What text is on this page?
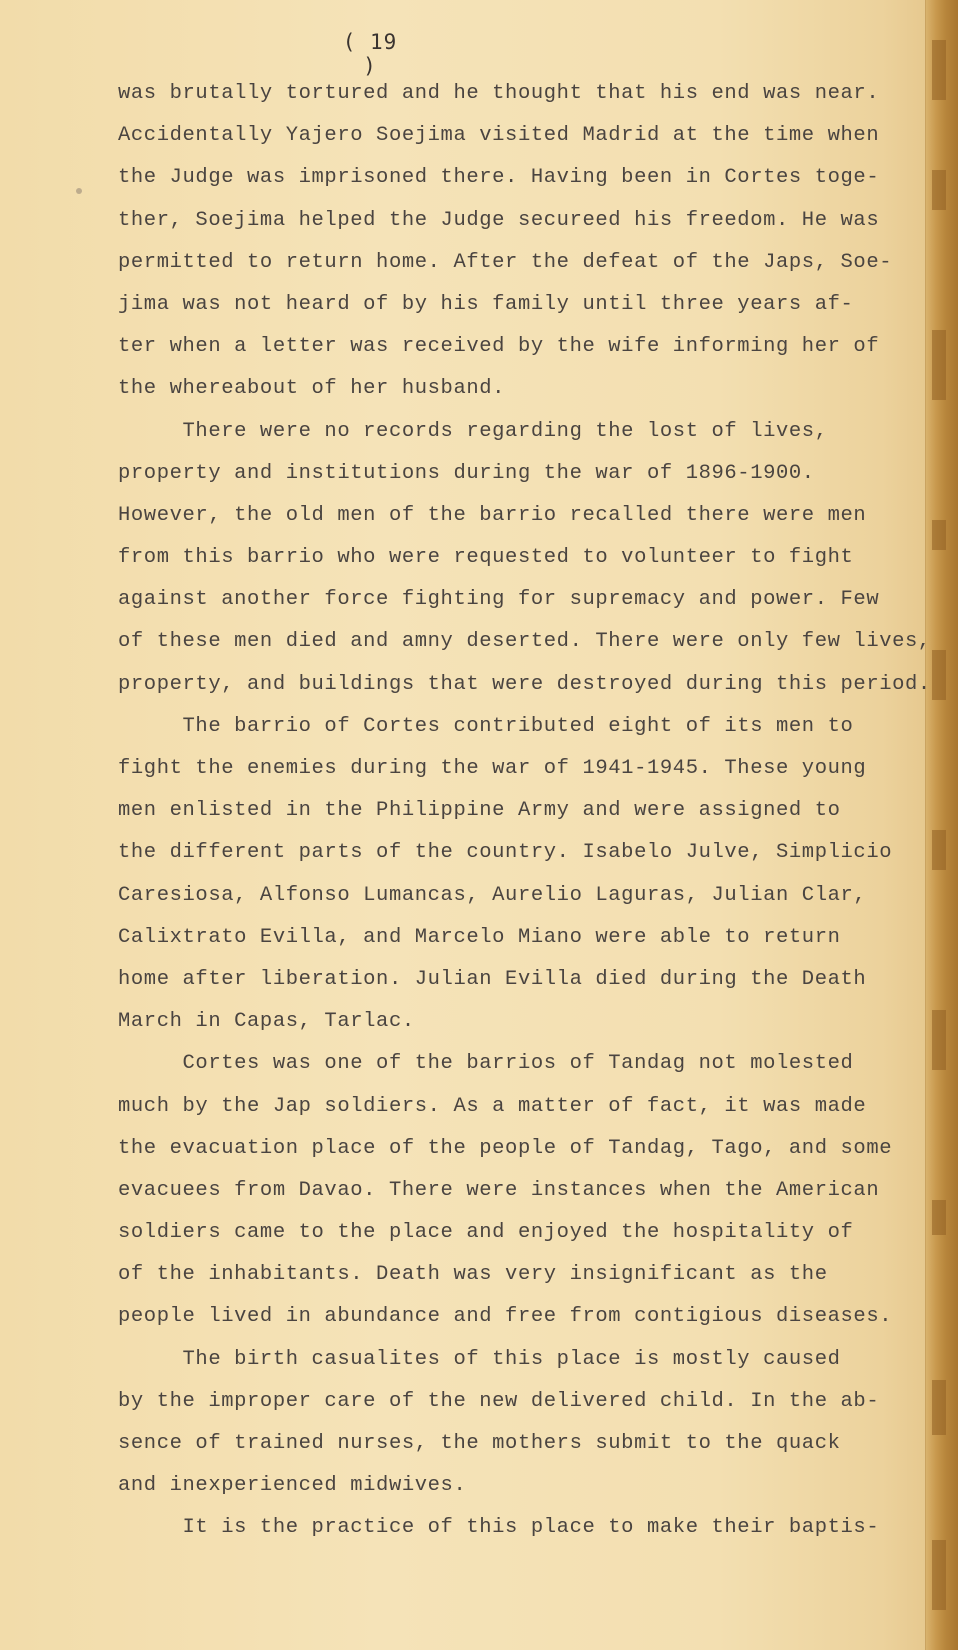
( 19 )
was brutally tortured and he thought that his end was near.
Accidentally Yajero Soejima visited Madrid at the time when
the Judge was imprisoned there. Having been in Cortes toge-
ther, Soejima helped the Judge secureed his freedom. He was
permitted to return home. After the defeat of the Japs, Soe-
jima was not heard of by his family until three years af-
ter when a letter was received by the wife informing her of
the whereabout of her husband.
There were no records regarding the lost of lives,
property and institutions during the war of 1896-1900.
However, the old men of the barrio recalled there were men
from this barrio who were requested to volunteer to fight
against another force fighting for supremacy and power. Few
of these men died and amny deserted. There were only few lives,
property, and buildings that were destroyed during this period.
The barrio of Cortes contributed eight of its men to
fight the enemies during the war of 1941-1945. These young
men enlisted in the Philippine Army and were assigned to
the different parts of the country. Isabelo Julve, Simplicio
Caresiosa, Alfonso Lumancas, Aurelio Laguras, Julian Clar,
Calixtrato Evilla, and Marcelo Miano were able to return
home after liberation. Julian Evilla died during the Death
March in Capas, Tarlac.
Cortes was one of the barrios of Tandag not molested
much by the Jap soldiers. As a matter of fact, it was made
the evacuation place of the people of Tandag, Tago, and some
evacuees from Davao. There were instances when the American
soldiers came to the place and enjoyed the hospitality of
of the inhabitants. Death was very insignificant as the
people lived in abundance and free from contigious diseases.
The birth casualites of this place is mostly caused
by the improper care of the new delivered child. In the ab-
sence of trained nurses, the mothers submit to the quack
and inexperienced midwives.
It is the practice of this place to make their baptis-
